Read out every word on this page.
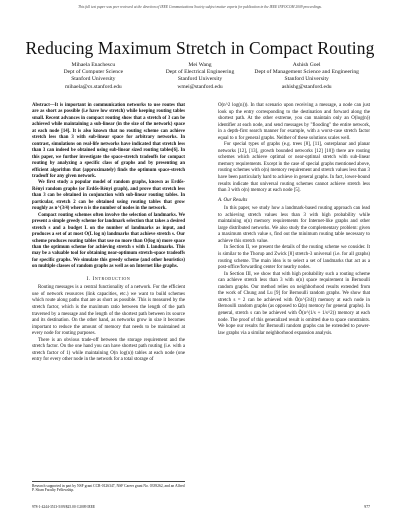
This full text paper was peer reviewed at the direction of IEEE Communications Society subject matter experts for publication in the IEEE INFOCOM 2009 proceedings.
Reducing Maximum Stretch in Compact Routing
Mihaela Enachescu
Dept of Computer Science
Stanford University
mihaela@cs.stanford.edu
Mei Wang
Dept of Electrical Engineering
Stanford University
wmei@stanford.edu
Ashish Goel
Dept of Management Science and Engineering
Stanford University
ashishg@stanford.edu

Abstract—It is important in communication networks to use routes that are as short as possible (i.e have low stretch) while keeping routing tables small. Recent advances in compact routing show that a stretch of 3 can be achieved while maintaining a sub-linear (in the size of the network) space at each node [14]. It is also known that no routing scheme can achieve stretch less than 3 with sub-linear space for arbitrary networks. In contrast, simulations on real-life networks have indicated that stretch less than 3 can indeed be obtained using sub-linear sized routing tables[6]. In this paper, we further investigate the space-stretch tradeoffs for compact routing by analyzing a specific class of graphs and by presenting an efficient algorithm that (approximately) finds the optimum space-stretch tradeoff for any given network.

We first study a popular model of random graphs, known as Erdős-Rényi random graphs (or Erdős-Rényi graph), and prove that stretch less than 3 can be obtained in conjunction with sub-linear routing tables. In particular, stretch 2 can be obtained using routing tables that grow roughly as n^(3/4) where n is the number of nodes in the network.

Compact routing schemes often involve the selection of landmarks. We present a simple greedy scheme for landmark selection that takes a desired stretch s and a budget L on the number of landmarks as input, and produces a set of at most O(L log n) landmarks that achieve stretch s. Our scheme produces routing tables that use no more than O(log n) more space than the optimum scheme for achieving stretch s with L landmarks. This may be a valuable tool for obtaining near-optimum stretch-space tradeoffs for specific graphs. We simulate this greedy scheme (and other heuristics) on multiple classes of random graphs as well as on Internet like graphs.

I. Introduction

Routing messages is a central functionality of a network. For the efficient use of network resources (link capacities, etc.) we want to build schemes which route along paths that are as short as possible. This is measured by the stretch factor, which is the maximum ratio between the length of the path traversed by a message and the length of the shortest path between its source and its destination. On the other hand, as networks grow in size it becomes important to reduce the amount of memory that needs to be maintained at every node for routing purposes.

There is an obvious trade-off between the storage requirement and the stretch factor. On the one hand you can have shortest path routing (i.e. with a stretch factor of 1) while maintaining O(n log(n)) tables at each node (one entry for every other node in the network for a total storage of

Research supported in part by NSF grant CCR-0126347, NSF Career grant No. 0339262, and an Alfred P. Sloan Faculty Fellowship.

O(n^2 log(n))). In that scenario upon receiving a message, a node can just look up the entry corresponding to the destination and forward along the shortest path. At the other extreme, you can maintain only an O(log(n)) identifier at each node, and send messages by "flooding" the entire network, in a depth-first search manner for example, with a worst-case stretch factor equal to n for general graphs. Neither of these solutions scales well.

For special types of graphs (e.g. trees [8], [11], outerplanar and planar networks [12], [13], growth bounded networks [12] [10]) there are routing schemes which achieve optimal or near-optimal stretch with sub-linear memory requirements. Except in the case of special graphs mentioned above, routing schemes with o(n) memory requirement and stretch values less than 3 have been particularly hard to achieve in general graphs. In fact, lower-bound results indicate that universal routing schemes cannot achieve stretch less than 3 with o(n) memory at each node [5].

A. Our Results

In this paper, we study how a landmark-based routing approach can lead to achieving stretch values less than 3 with high probability while maintaining o(n) memory requirements for Internet-like graphs and other large distributed networks. We also study the complementary problem: given a maximum stretch value s, find out the minimum routing table necessary to achieve this stretch value.

In Section II, we present the details of the routing scheme we consider. It is similar to the Thorup and Zwick [8] stretch-3 universal (i.e. for all graphs) routing scheme. The main idea is to select a set of landmarks that act as a post-office/forwarding center for nearby nodes.

In Section III, we show that with high probability such a routing scheme can achieve stretch less than 3 with o(n) space requirement in Bernoulli random graphs. Our method relies on neighborhood results extended from the work of Chung and Lu [9] for Bernoulli random graphs. We show that stretch s = 2 can be achieved with Õ(n^(3/4)) memory at each node in Bernoulli random graphs (as opposed to Ω(n) memory for general graphs). In general, stretch s can be achieved with Õ(n^(1/s + 1/s^2)) memory at each node. The proof of this generalized result is omitted due to space constraints. We hope our results for Bernoulli random graphs can be extended to power-law graphs via a similar neighborhood expansion analysis.

978-1-4244-3513-5/09/$25.00 ©2009 IEEE	977
